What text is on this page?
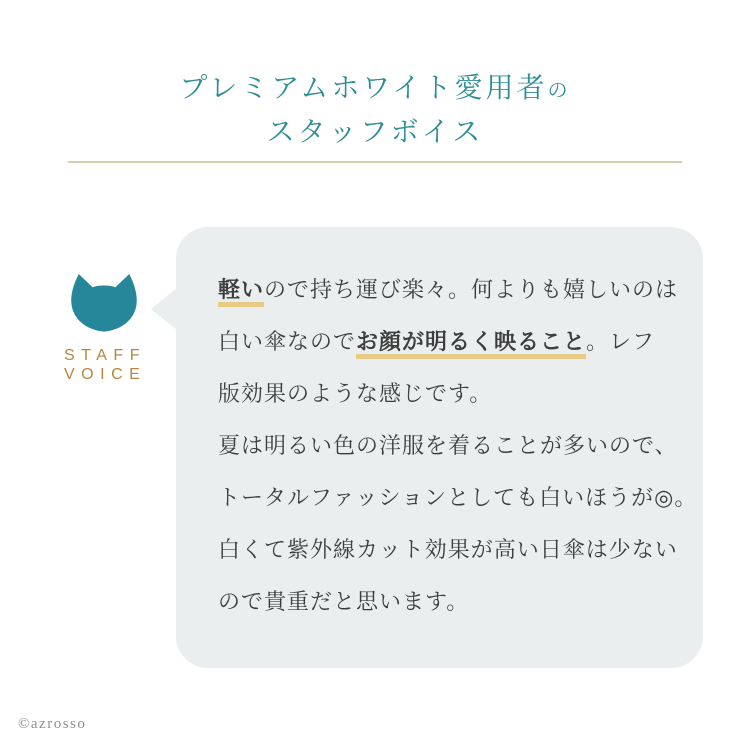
プレミアムホワイト愛用者の
スタッフボイス
STAFF
VOICE
軽いので持ち運び楽々。何よりも嬉しいのは
白い傘なのでお顔が明るく映ること。レフ
版効果のような感じです。
夏は明るい色の洋服を着ることが多いので、
トータルファッションとしても白いほうが◎。
白くて紫外線カット効果が高い日傘は少ない
ので貴重だと思います。
©azrosso
